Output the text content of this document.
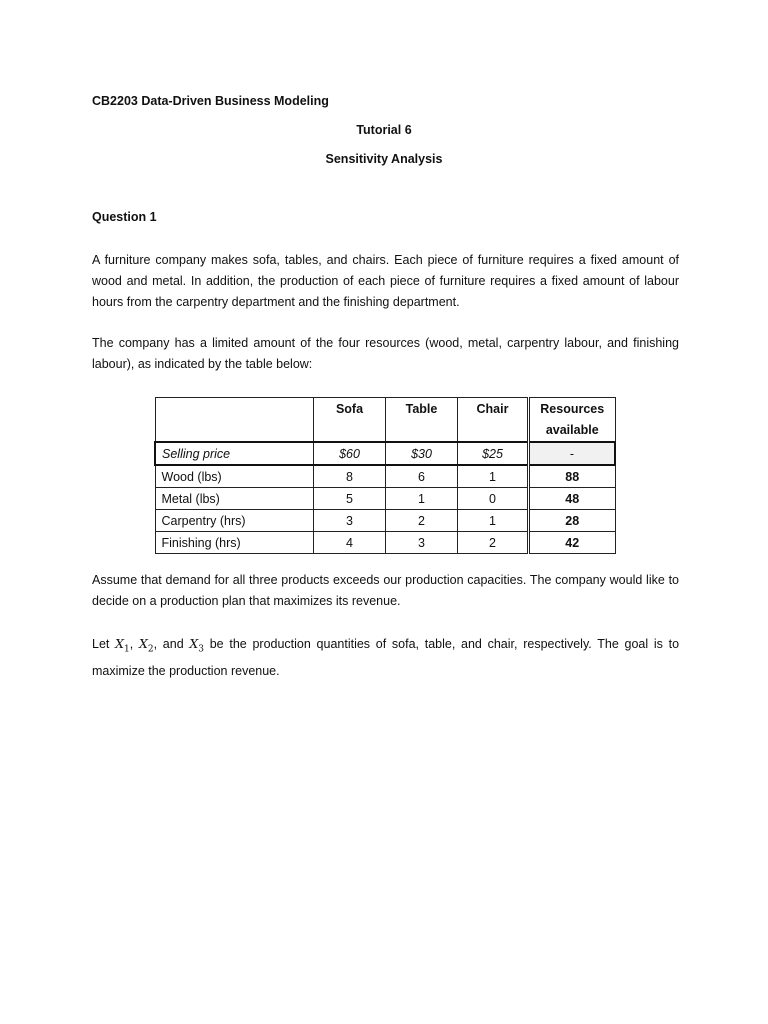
CB2203 Data-Driven Business Modeling
Tutorial 6
Sensitivity Analysis
Question 1
A furniture company makes sofa, tables, and chairs. Each piece of furniture requires a fixed amount of wood and metal. In addition, the production of each piece of furniture requires a fixed amount of labour hours from the carpentry department and the finishing department.
The company has a limited amount of the four resources (wood, metal, carpentry labour, and finishing labour), as indicated by the table below:
	Sofa	Table	Chair	Resources available
Selling price	$60	$30	$25	-
Wood (lbs)	8	6	1	88
Metal (lbs)	5	1	0	48
Carpentry (hrs)	3	2	1	28
Finishing (hrs)	4	3	2	42
Assume that demand for all three products exceeds our production capacities. The company would like to decide on a production plan that maximizes its revenue.
Let $X_1$, $X_2$, and $X_3$ be the production quantities of sofa, table, and chair, respectively. The goal is to maximize the production revenue.
